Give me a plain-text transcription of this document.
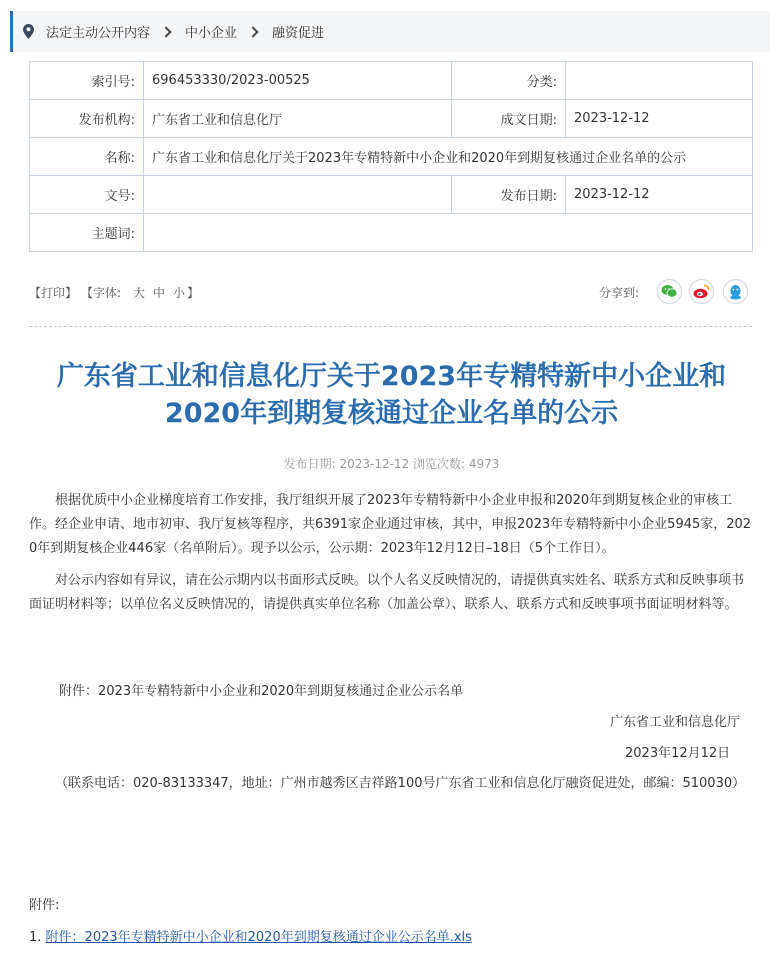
法定主动公开内容	中小企业	融资促进
索引号:	696453330/2023-00525	分类:	
发布机构:	广东省工业和信息化厅	成文日期:	2023-12-12
名称:	广东省工业和信息化厅关于2023年专精特新中小企业和2020年到期复核通过企业名单的公示		
文号:		发布日期:	2023-12-12
主题词:			
【打印】 【字体: 大 中 小 】	分享到:
广东省工业和信息化厅关于2023年专精特新中小企业和
2020年到期复核通过企业名单的公示
发布日期: 2023-12-12 浏览次数: 4973
根据优质中小企业梯度培育工作安排，我厅组织开展了2023年专精特新中小企业申报和2020年到期复核企业的审核工作。经企业申请、地市初审、我厅复核等程序，共6391家企业通过审核，其中，申报2023年专精特新中小企业5945家，2020年到期复核企业446家（名单附后）。现予以公示，公示期：2023年12月12日–18日（5个工作日）。
对公示内容如有异议，请在公示期内以书面形式反映。以个人名义反映情况的，请提供真实姓名、联系方式和反映事项书面证明材料等；以单位名义反映情况的，请提供真实单位名称（加盖公章）、联系人、联系方式和反映事项书面证明材料等。
附件：2023年专精特新中小企业和2020年到期复核通过企业公示名单
广东省工业和信息化厅
2023年12月12日
（联系电话：020-83133347，地址：广州市越秀区吉祥路100号广东省工业和信息化厅融资促进处，邮编：510030）
附件:
1. 附件：2023年专精特新中小企业和2020年到期复核通过企业公示名单.xls
